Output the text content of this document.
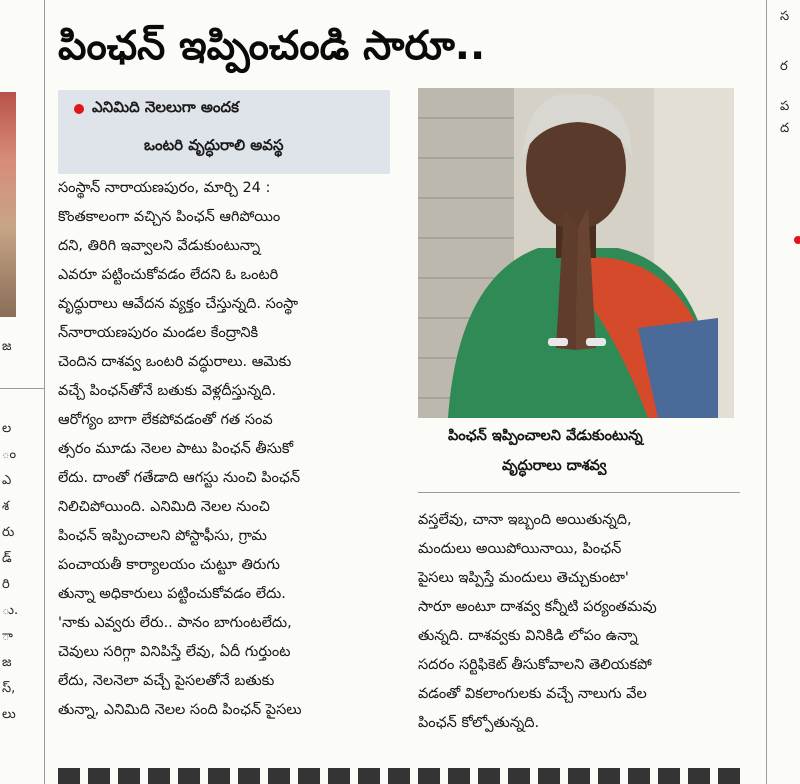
జ
ల
ం
ఎ
శ
రు
డ్
రి
ు.
ా
జ
స్,
లు
స
ర
ప
ద
పింఛన్ ఇప్పించండి సారూ..
ఎనిమిది నెలలుగా అందక
ఒంటరి వృద్ధురాలి అవస్థ
సంస్థాన్ నారాయణపురం, మార్చి 24 :
కొంతకాలంగా వచ్చిన పింఛన్ ఆగిపోయిం
దని, తిరిగి ఇవ్వాలని వేడుకుంటున్నా
ఎవరూ పట్టించుకోవడం లేదని ఓ ఒంటరి
వృద్ధురాలు ఆవేదన వ్యక్తం చేస్తున్నది. సంస్థా
న్‌నారాయణపురం మండల కేంద్రానికి
చెందిన దాశవ్వ ఒంటరి వద్ధురాలు. ఆమెకు
వచ్చే పింఛన్‌తోనే బతుకు వెళ్లదీస్తున్నది.
ఆరోగ్యం బాగా లేకపోవడంతో గత సంవ
త్సరం మూడు నెలల పాటు పింఛన్ తీసుకో
లేదు. దాంతో గతేడాది ఆగస్టు నుంచి పింఛన్
నిలిచిపోయింది. ఎనిమిది నెలల నుంచి
పింఛన్ ఇప్పించాలని పోస్టాఫీసు, గ్రామ
పంచాయతీ కార్యాలయం చుట్టూ తిరుగు
తున్నా అధికారులు పట్టించుకోవడం లేదు.
'నాకు ఎవ్వరు లేరు.. పానం బాగుంటలేదు,
చెవులు సరిగ్గా వినిపిస్తే లేవు, ఏదీ గుర్తుంట
లేదు, నెలనెలా వచ్చే పైసలతోనే బతుకు
తున్నా, ఎనిమిది నెలల సంది పింఛన్ పైసలు
పింఛన్ ఇప్పించాలని వేడుకుంటున్న
వృద్ధురాలు దాశవ్వ
వస్తలేవు, చానా ఇబ్బంది అయితున్నది,
మందులు అయిపోయినాయి, పింఛన్
పైసలు ఇప్పిస్తే మందులు తెచ్చుకుంటా'
సారూ అంటూ దాశవ్వ కన్నీటి పర్యంతమవు
తున్నది. దాశవ్వకు వినికిడి లోపం ఉన్నా
సదరం సర్టిఫికెట్ తీసుకోవాలని తెలియకపో
వడంతో వికలాంగులకు వచ్చే నాలుగు వేల
పింఛన్ కోల్పోతున్నది.
